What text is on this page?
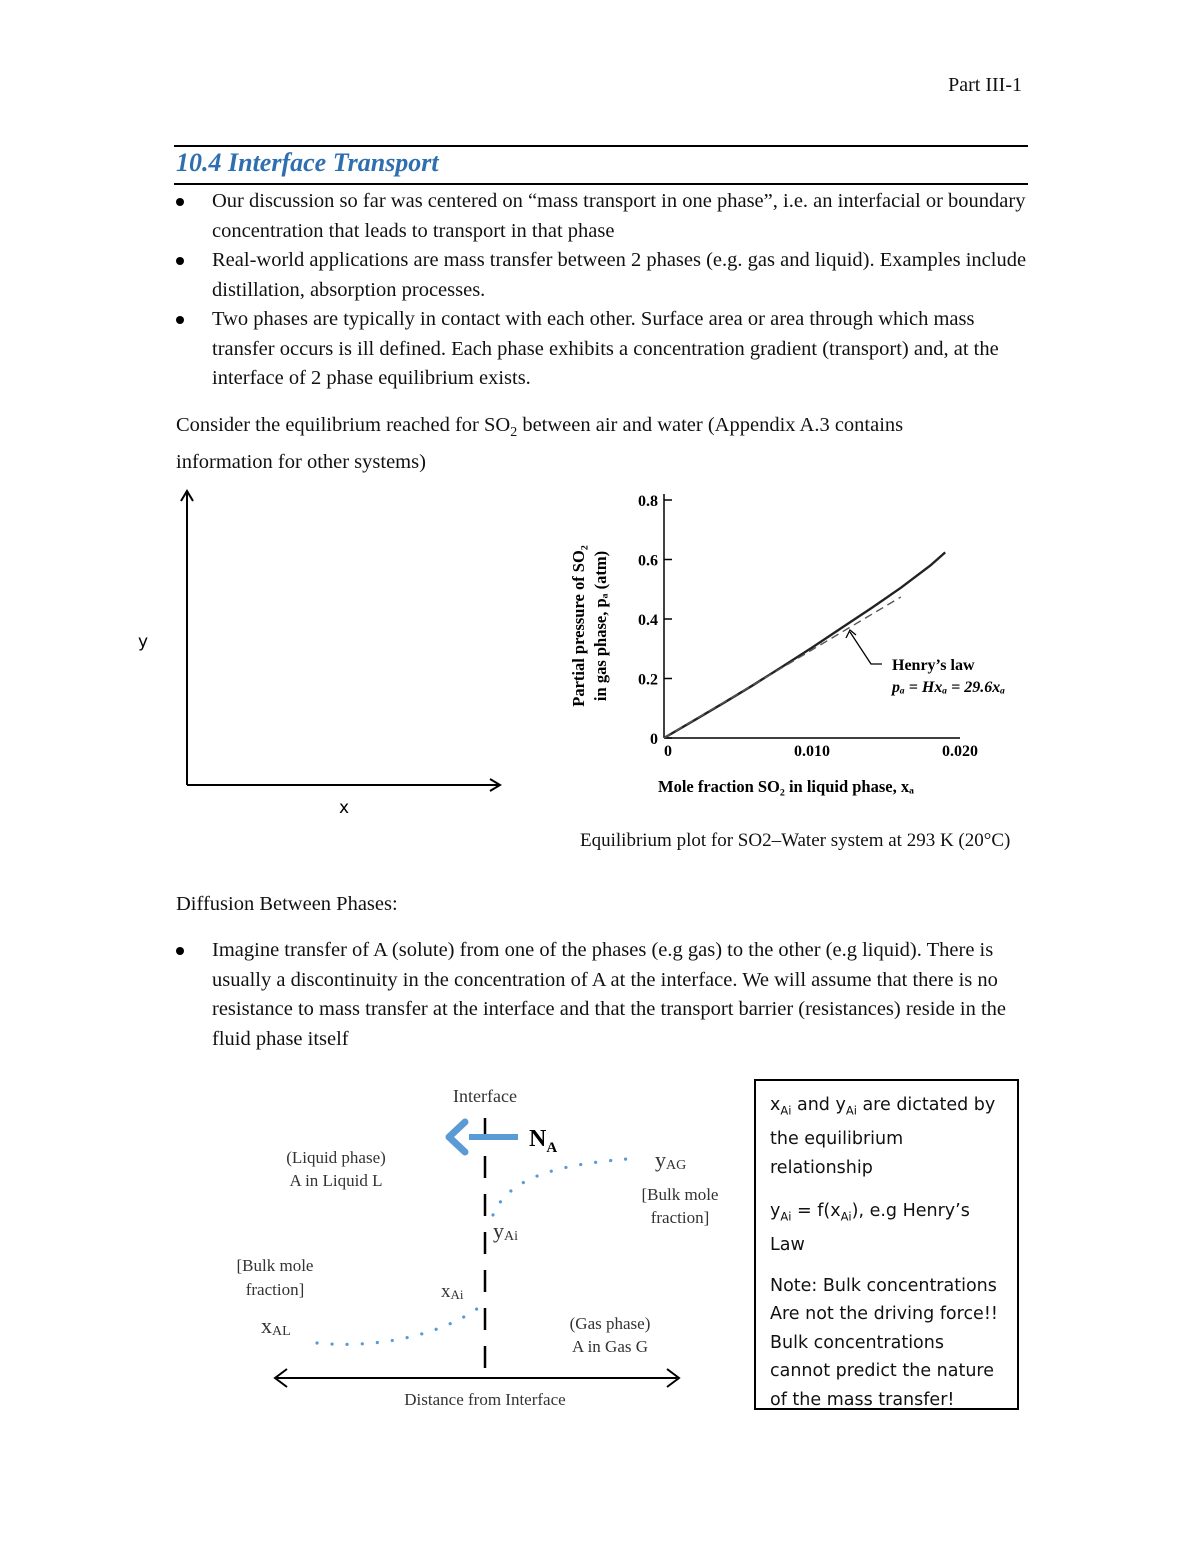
Part III-1
10.4 Interface Transport
Our discussion so far was centered on “mass transport in one phase”, i.e. an interfacial or boundary concentration that leads to transport in that phase
Real-world applications are mass transfer between 2 phases (e.g. gas and liquid). Examples include distillation, absorption processes.
Two phases are typically in contact with each other. Surface area or area through which mass transfer occurs is ill defined. Each phase exhibits a concentration gradient (transport) and, at the interface of 2 phase equilibrium exists.
Consider the equilibrium reached for $SO_2$ between air and water (Appendix A.3 contains
information for other systems)
y
x
0
0.2
0.4
0.6
0.8
0	0.010	0.020
Henry’s law
pₐ = Hxₐ = 29.6xₐ
Partial pressure of SO₂ in gas phase, pₐ (atm)
Mole fraction SO₂ in liquid phase, xₐ
Equilibrium plot for SO2–Water system at 293 K (20°C)
Diffusion Between Phases:
Imagine transfer of A (solute) from one of the phases (e.g gas) to the other (e.g liquid). There is usually a discontinuity in the concentration of A at the interface. We will assume that there is no resistance to mass transfer at the interface and that the transport barrier (resistances) reside in the fluid phase itself
Interface
$N_A$
(Liquid phase)
A in Liquid L
yAG
[Bulk mole
fraction]
yAi
[Bulk mole
fraction]	xAi
xAL	(Gas phase)
A in Gas G
Distance from Interface

$x_{Ai}$ and $y_{Ai}$ are dictated by

the equilibrium

relationship

$y_{Ai} = f(x_{Ai})$, e.g Henry’s Law

Note: Bulk concentrations

Are not the driving force!!

Bulk concentrations

cannot predict the nature

of the mass transfer!
